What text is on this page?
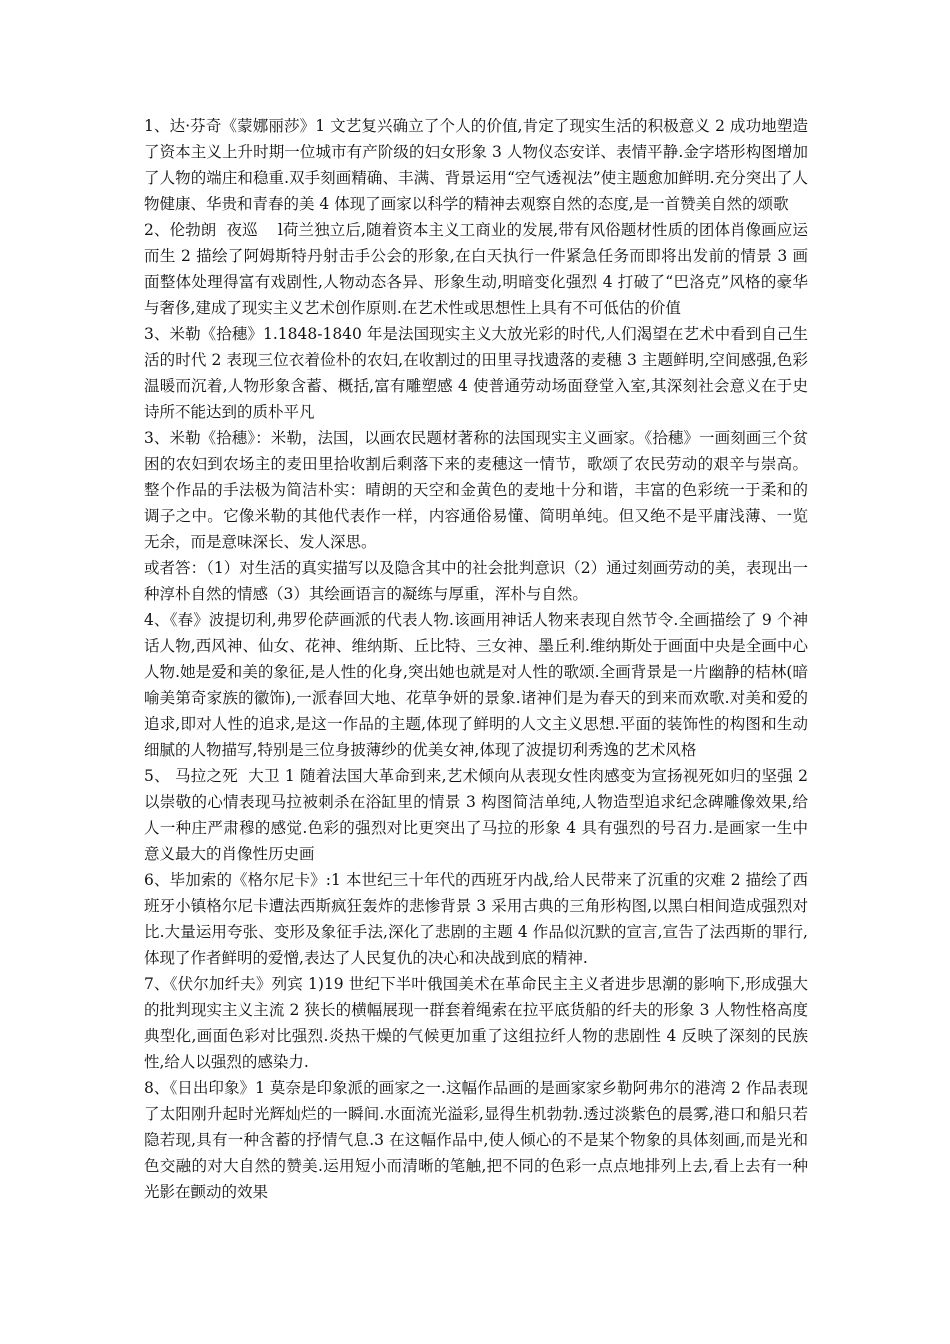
1、达·芬奇《蒙娜丽莎》1 文艺复兴确立了个人的价值,肯定了现实生活的积极意义 2 成功地塑造了资本主义上升时期一位城市有产阶级的妇女形象 3 人物仪态安详、表情平静.金字塔形构图增加了人物的端庄和稳重.双手刻画精确、丰满、背景运用“空气透视法”使主题愈加鲜明.充分突出了人物健康、华贵和青春的美 4 体现了画家以科学的精神去观察自然的态度,是一首赞美自然的颂歌

2、伦勃朗  夜巡    l荷兰独立后,随着资本主义工商业的发展,带有风俗题材性质的团体肖像画应运而生 2 描绘了阿姆斯特丹射击手公会的形象,在白天执行一件紧急任务而即将出发前的情景 3 画面整体处理得富有戏剧性,人物动态各异、形象生动,明暗变化强烈 4 打破了“巴洛克”风格的豪华与奢侈,建成了现实主义艺术创作原则.在艺术性或思想性上具有不可低估的价值

3、米勒《拾穗》1.1848-1840 年是法国现实主义大放光彩的时代,人们渴望在艺术中看到自己生活的时代 2 表现三位衣着俭朴的农妇,在收割过的田里寻找遗落的麦穗 3 主题鲜明,空间感强,色彩温暖而沉着,人物形象含蓄、概括,富有雕塑感 4 使普通劳动场面登堂入室,其深刻社会意义在于史诗所不能达到的质朴平凡

3、米勒《拾穗》：米勒，法国，以画农民题材著称的法国现实主义画家。《拾穗》一画刻画三个贫困的农妇到农场主的麦田里拾收割后剩落下来的麦穗这一情节，歌颂了农民劳动的艰辛与崇高。整个作品的手法极为简洁朴实：晴朗的天空和金黄色的麦地十分和谐，丰富的色彩统一于柔和的调子之中。它像米勒的其他代表作一样，内容通俗易懂、简明单纯。但又绝不是平庸浅薄、一览无余，而是意味深长、发人深思。

或者答：（1）对生活的真实描写以及隐含其中的社会批判意识（2）通过刻画劳动的美，表现出一种淳朴自然的情感（3）其绘画语言的凝练与厚重，浑朴与自然。

4、《春》波提切利,弗罗伦萨画派的代表人物.该画用神话人物来表现自然节令.全画描绘了 9 个神话人物,西风神、仙女、花神、维纳斯、丘比特、三女神、墨丘利.维纳斯处于画面中央是全画中心人物.她是爱和美的象征,是人性的化身,突出她也就是对人性的歌颂.全画背景是一片幽静的桔林(暗喻美第奇家族的徽饰),一派春回大地、花草争妍的景象.诸神们是为春天的到来而欢歌.对美和爱的追求,即对人性的追求,是这一作品的主题,体现了鲜明的人文主义思想.平面的装饰性的构图和生动细腻的人物描写,特别是三位身披薄纱的优美女神,体现了波提切利秀逸的艺术风格

5、 马拉之死  大卫 1 随着法国大革命到来,艺术倾向从表现女性肉感变为宣扬视死如归的坚强 2 以崇敬的心情表现马拉被刺杀在浴缸里的情景 3 构图简洁单纯,人物造型追求纪念碑雕像效果,给人一种庄严肃穆的感觉.色彩的强烈对比更突出了马拉的形象 4 具有强烈的号召力.是画家一生中意义最大的肖像性历史画

6、毕加索的《格尔尼卡》:1 本世纪三十年代的西班牙内战,给人民带来了沉重的灾难 2 描绘了西班牙小镇格尔尼卡遭法西斯疯狂轰炸的悲惨背景 3 采用古典的三角形构图,以黑白相间造成强烈对比.大量运用夸张、变形及象征手法,深化了悲剧的主题 4 作品似沉默的宣言,宣告了法西斯的罪行,体现了作者鲜明的爱憎,表达了人民复仇的决心和决战到底的精神.

7、《伏尔加纤夫》列宾 1)19 世纪下半叶俄国美术在革命民主主义者进步思潮的影响下,形成强大的批判现实主义主流 2 狭长的横幅展现一群套着绳索在拉平底货船的纤夫的形象 3 人物性格高度典型化,画面色彩对比强烈.炎热干燥的气候更加重了这组拉纤人物的悲剧性 4 反映了深刻的民族性,给人以强烈的感染力.

8、《日出印象》1 莫奈是印象派的画家之一.这幅作品画的是画家家乡勒阿弗尔的港湾 2 作品表现了太阳刚升起时光辉灿烂的一瞬间.水面流光溢彩,显得生机勃勃.透过淡紫色的晨雾,港口和船只若隐若现,具有一种含蓄的抒情气息.3 在这幅作品中,使人倾心的不是某个物象的具体刻画,而是光和色交融的对大自然的赞美.运用短小而清晰的笔触,把不同的色彩一点点地排列上去,看上去有一种光影在颤动的效果
